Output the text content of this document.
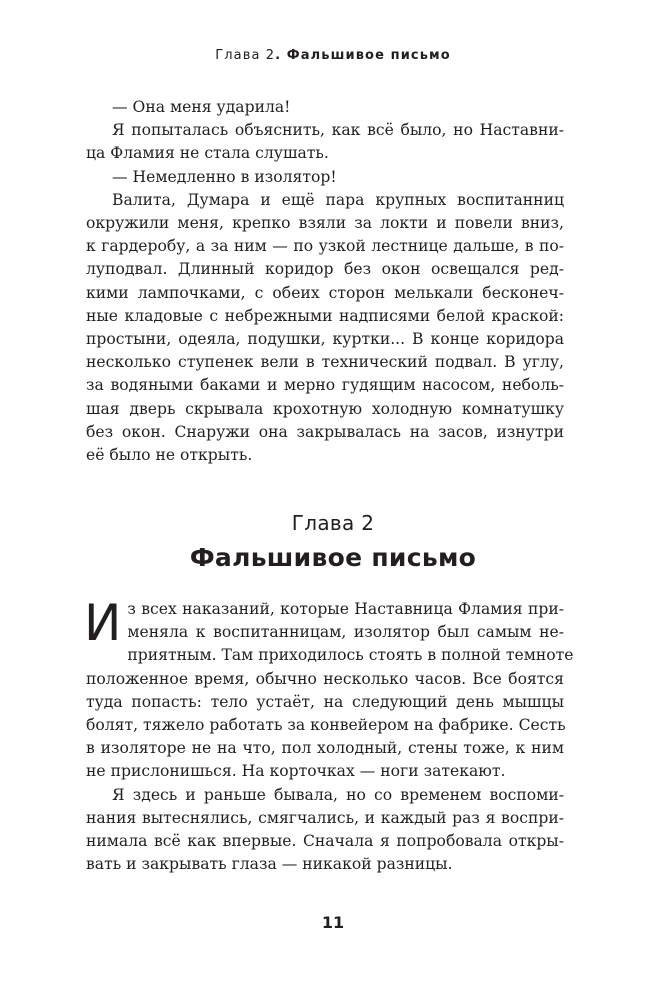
Глава 2. Фальшивое письмо
— Она меня ударила!
Я попыталась объяснить, как всё было, но Наставни-
ца Фламия не стала слушать.
— Немедленно в изолятор!
Валита, Думара и ещё пара крупных воспитанниц
окружили меня, крепко взяли за локти и повели вниз,
к гардеробу, а за ним — по узкой лестнице дальше, в по-
луподвал. Длинный коридор без окон освещался ред-
кими лампочками, с обеих сторон мелькали бесконеч-
ные кладовые с небрежными надписями белой краской:
простыни, одеяла, подушки, куртки... В конце коридора
несколько ступенек вели в технический подвал. В углу,
за водяными баками и мерно гудящим насосом, неболь-
шая дверь скрывала крохотную холодную комнатушку
без окон. Снаружи она закрывалась на засов, изнутри
её было не открыть.
Глава 2
Фальшивое письмо
И з всех наказаний, которые Наставница Фламия при-
меняла к воспитанницам, изолятор был самым не-
приятным. Там приходилось стоять в полной темноте
положенное время, обычно несколько часов. Все боятся
туда попасть: тело устаёт, на следующий день мышцы
болят, тяжело работать за конвейером на фабрике. Сесть
в изоляторе не на что, пол холодный, стены тоже, к ним
не прислонишься. На корточках — ноги затекают.
Я здесь и раньше бывала, но со временем воспоми-
нания вытеснялись, смягчались, и каждый раз я воспри-
нимала всё как впервые. Сначала я попробовала откры-
вать и закрывать глаза — никакой разницы.
11
